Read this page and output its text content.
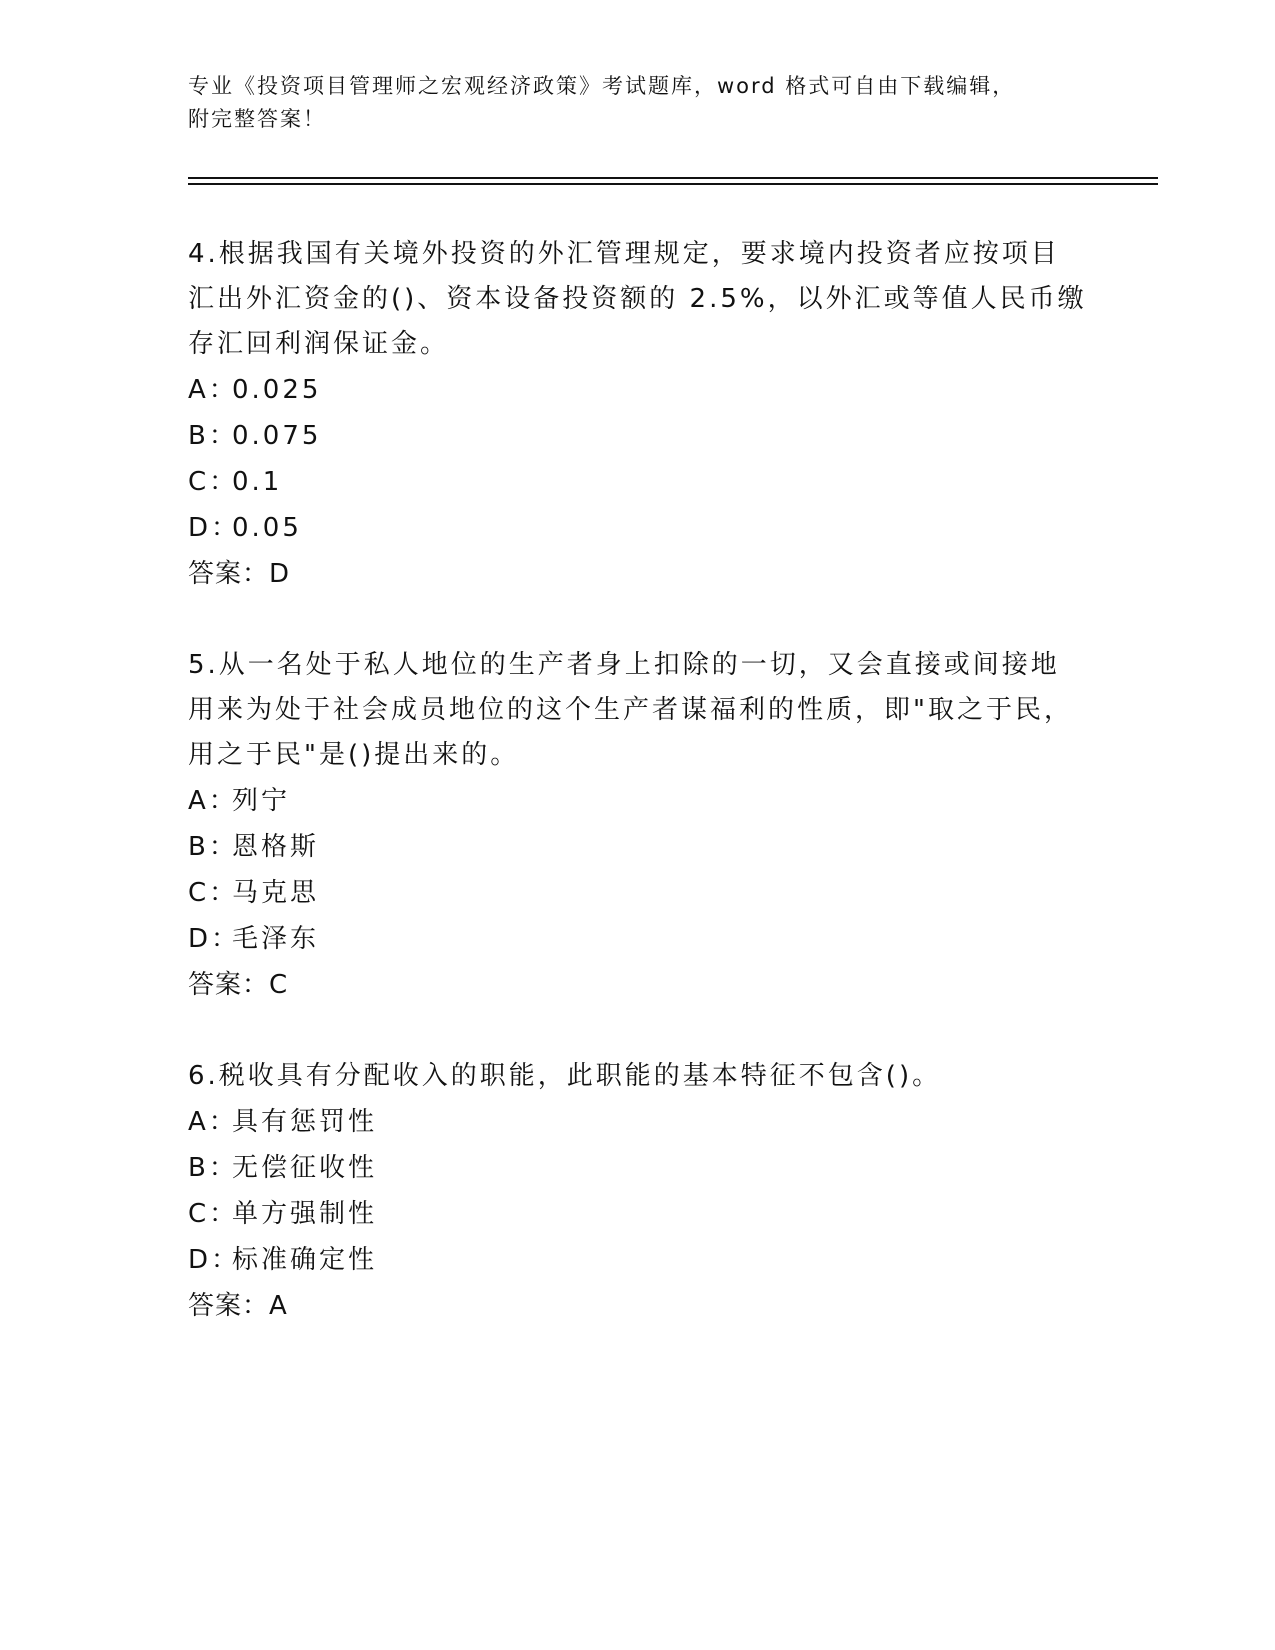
专业《投资项目管理师之宏观经济政策》考试题库，word 格式可自由下载编辑，
附完整答案！

4.根据我国有关境外投资的外汇管理规定，要求境内投资者应按项目汇出外汇资金的()、资本设备投资额的 2.5%，以外汇或等值人民币缴存汇回利润保证金。

A：0.025

B：0.075

C：0.1

D：0.05

答案：D

5.从一名处于私人地位的生产者身上扣除的一切，又会直接或间接地用来为处于社会成员地位的这个生产者谋福利的性质，即"取之于民，用之于民"是()提出来的。

A：列宁

B：恩格斯

C：马克思

D：毛泽东

答案：C

6.税收具有分配收入的职能，此职能的基本特征不包含()。

A：具有惩罚性

B：无偿征收性

C：单方强制性

D：标准确定性

答案：A
